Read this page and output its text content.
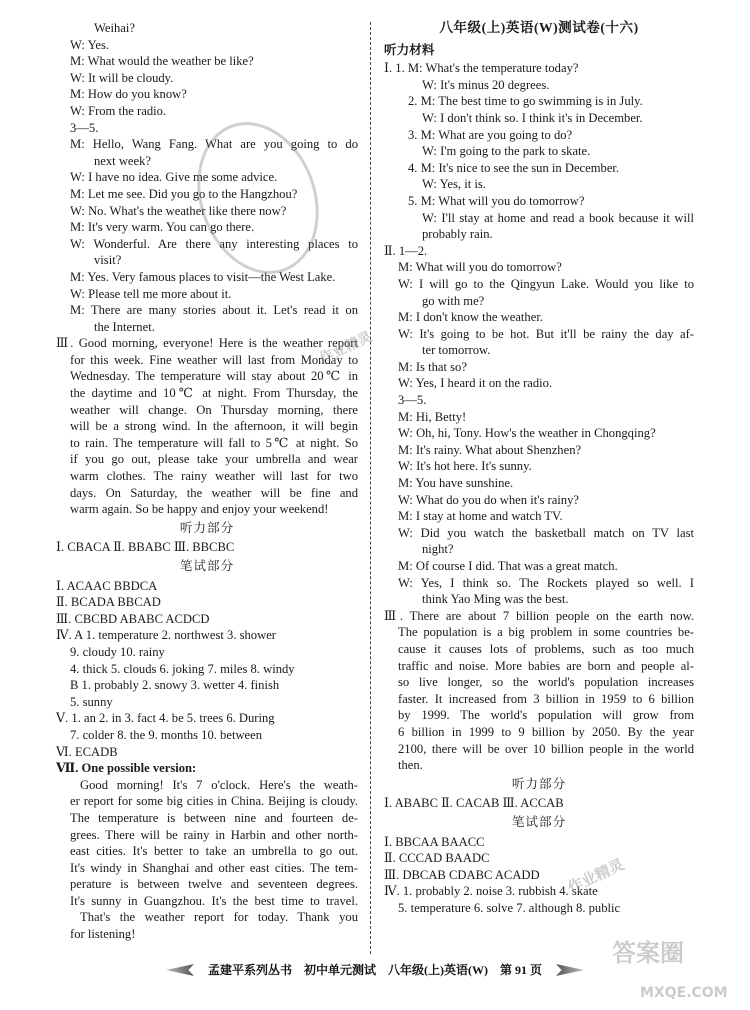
Weihai?
W: Yes.
M: What would the weather be like?
W: It will be cloudy.
M: How do you know?
W: From the radio.
3—5.
M: Hello, Wang Fang. What are you going to do
next week?
W: I have no idea. Give me some advice.
M: Let me see. Did you go to the Hangzhou?
W: No. What's the weather like there now?
M: It's very warm. You can go there.
W: Wonderful. Are there any interesting places to
visit?
M: Yes. Very famous places to visit—the West Lake.
W: Please tell me more about it.
M: There are many stories about it. Let's read it on
the Internet.
Ⅲ. Good morning, everyone! Here is the weather report
for this week. Fine weather will last from Monday to
Wednesday. The temperature will stay about 20℃ in
the daytime and 10℃ at night. From Thursday, the
weather will change. On Thursday morning, there
will be a strong wind. In the afternoon, it will begin
to rain. The temperature will fall to 5℃ at night. So
if you go out, please take your umbrella and wear
warm clothes. The rainy weather will last for two
days. On Saturday, the weather will be fine and
warm again. So be happy and enjoy your weekend!
听力部分
Ⅰ. CBACA Ⅱ. BBABC Ⅲ. BBCBC
笔试部分
Ⅰ. ACAAC BBDCA
Ⅱ. BCADA BBCAD
Ⅲ. CBCBD ABABC ACDCD
Ⅳ. A 1. temperature 2. northwest 3. shower
9. cloudy 10. rainy
4. thick 5. clouds 6. joking 7. miles 8. windy
B 1. probably 2. snowy 3. wetter 4. finish
5. sunny
Ⅴ. 1. an 2. in 3. fact 4. be 5. trees 6. During
7. colder 8. the 9. months 10. between
Ⅵ. ECADB
Ⅶ. One possible version:
Good morning! It's 7 o'clock. Here's the weath-
er report for some big cities in China. Beijing is cloudy.
The temperature is between nine and fourteen de-
grees. There will be rainy in Harbin and other north-
east cities. It's better to take an umbrella to go out.
It's windy in Shanghai and other east cities. The tem-
perature is between twelve and seventeen degrees.
It's sunny in Guangzhou. It's the best time to travel.
That's the weather report for today. Thank you
for listening!
八年级(上)英语(W)测试卷(十六)
听力材料
Ⅰ. 1. M: What's the temperature today?
W: It's minus 20 degrees.
2. M: The best time to go swimming is in July.
W: I don't think so. I think it's in December.
3. M: What are you going to do?
W: I'm going to the park to skate.
4. M: It's nice to see the sun in December.
W: Yes, it is.
5. M: What will you do tomorrow?
W: I'll stay at home and read a book because it will
probably rain.
Ⅱ. 1—2.
M: What will you do tomorrow?
W: I will go to the Qingyun Lake. Would you like to
go with me?
M: I don't know the weather.
W: It's going to be hot. But it'll be rainy the day af-
ter tomorrow.
M: Is that so?
W: Yes, I heard it on the radio.
3—5.
M: Hi, Betty!
W: Oh, hi, Tony. How's the weather in Chongqing?
M: It's rainy. What about Shenzhen?
W: It's hot here. It's sunny.
M: You have sunshine.
W: What do you do when it's rainy?
M: I stay at home and watch TV.
W: Did you watch the basketball match on TV last
night?
M: Of course I did. That was a great match.
W: Yes, I think so. The Rockets played so well. I
think Yao Ming was the best.
Ⅲ. There are about 7 billion people on the earth now.
The population is a big problem in some countries be-
cause it causes lots of problems, such as too much
traffic and noise. More babies are born and people al-
so live longer, so the world's population increases
faster. It increased from 3 billion in 1959 to 6 billion
by 1999. The world's population will grow from
6 billion in 1999 to 9 billion by 2050. By the year
2100, there will be over 10 billion people in the world
then.
听力部分
Ⅰ. ABABC Ⅱ. CACAB Ⅲ. ACCAB
笔试部分
Ⅰ. BBCAA BAACC
Ⅱ. CCCAD BAADC
Ⅲ. DBCAB CDABC ACADD
Ⅳ. 1. probably 2. noise 3. rubbish 4. skate
5. temperature 6. solve 7. although 8. public
作业精灵
作业精灵
答案圈
MXQE.COM
孟建平系列丛书 初中单元测试 八年级(上)英语(W) 第 91 页
